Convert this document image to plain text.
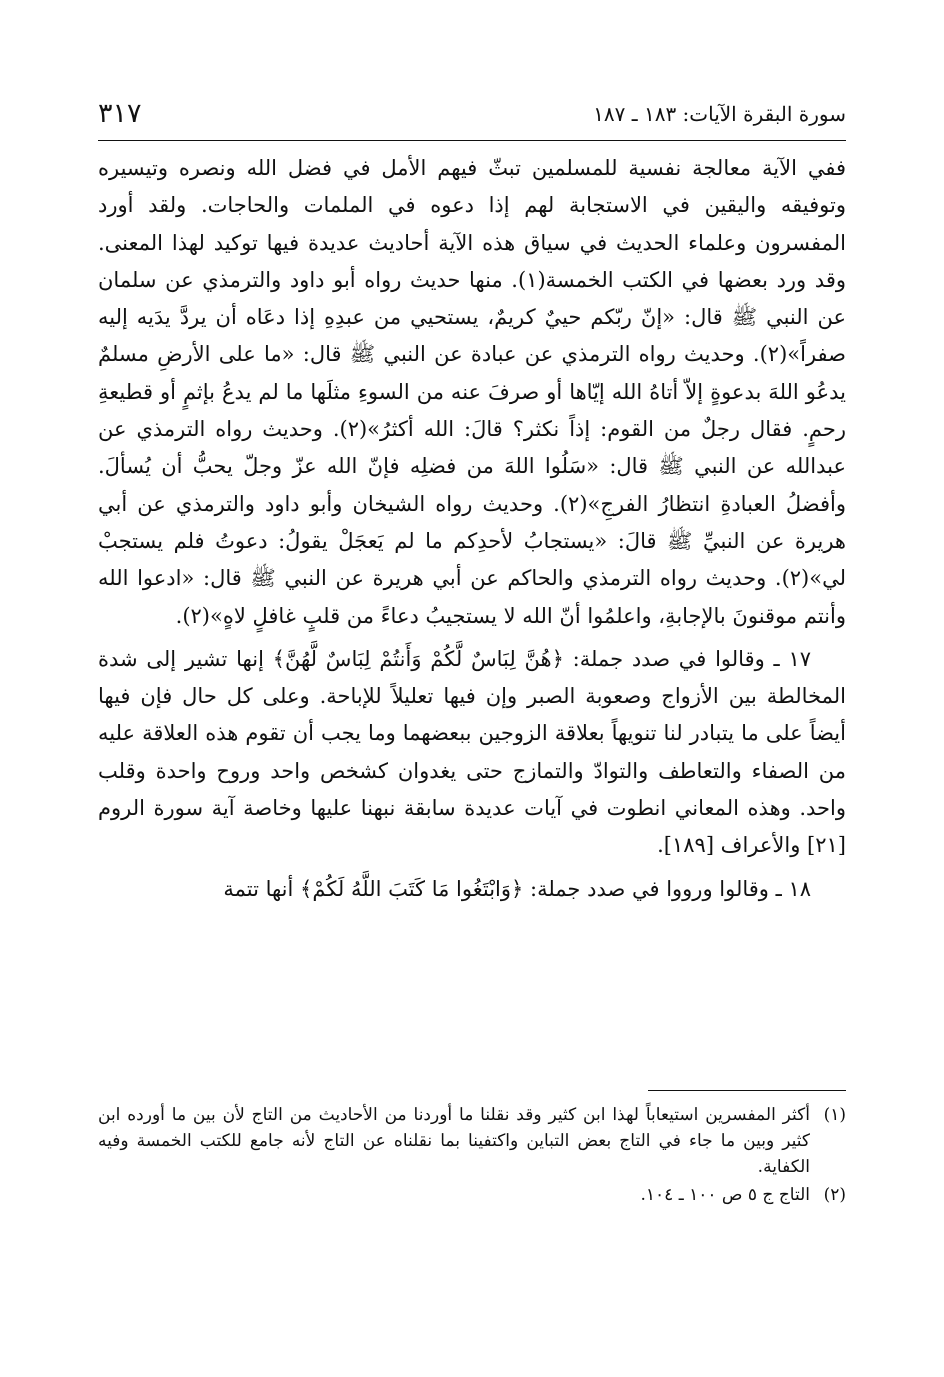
سورة البقرة الآيات: ١٨٣ ـ ١٨٧
٣١٧

ففي الآية معالجة نفسية للمسلمين تبثّ فيهم الأمل في فضل الله ونصره وتيسيره وتوفيقه واليقين في الاستجابة لهم إذا دعوه في الملمات والحاجات. ولقد أورد المفسرون وعلماء الحديث في سياق هذه الآية أحاديث عديدة فيها توكيد لهذا المعنى. وقد ورد بعضها في الكتب الخمسة(١). منها حديث رواه أبو داود والترمذي عن سلمان عن النبي ﷺ قال: «إنّ ربّكم حييٌ كريمٌ، يستحيي من عبدِهِ إذا دعَاه أن يردَّ يدَيه إليه صفراً»(٢). وحديث رواه الترمذي عن عبادة عن النبي ﷺ قال: «ما على الأرضِ مسلمٌ يدعُو اللهَ بدعوةٍ إلاّ أتاهُ الله إيّاها أو صرفَ عنه من السوءِ مثلَها ما لم يدعُ بإثمٍ أو قطيعةِ رحمٍ. فقال رجلٌ من القوم: إذاً نكثر؟ قالَ: الله أكثرُ»(٢). وحديث رواه الترمذي عن عبدالله عن النبي ﷺ قال: «سَلُوا اللهَ من فضلِه فإنّ الله عزّ وجلّ يحبُّ أن يُسألَ. وأفضلُ العبادةِ انتظارُ الفرجِ»(٢). وحديث رواه الشيخان وأبو داود والترمذي عن أبي هريرة عن النبيِّ ﷺ قالَ: «يستجابُ لأحدِكم ما لم يَعجَلْ يقولُ: دعوتُ فلم يستجبْ لي»(٢). وحديث رواه الترمذي والحاكم عن أبي هريرة عن النبي ﷺ قال: «ادعوا الله وأنتم موقنونَ بالإجابةِ، واعلمُوا أنّ الله لا يستجيبُ دعاءً من قلبٍ غافلٍ لاهٍ»(٢).

١٧ ـ وقالوا في صدد جملة: ﴿هُنَّ لِبَاسٌ لَّكُمْ وَأَنتُمْ لِبَاسٌ لَّهُنَّ﴾ إنها تشير إلى شدة المخالطة بين الأزواج وصعوبة الصبر وإن فيها تعليلاً للإباحة. وعلى كل حال فإن فيها أيضاً على ما يتبادر لنا تنويهاً بعلاقة الزوجين ببعضهما وما يجب أن تقوم هذه العلاقة عليه من الصفاء والتعاطف والتوادّ والتمازج حتى يغدوان كشخص واحد وروح واحدة وقلب واحد. وهذه المعاني انطوت في آيات عديدة سابقة نبهنا عليها وخاصة آية سورة الروم [٢١] والأعراف [١٨٩].

١٨ ـ وقالوا ورووا في صدد جملة: ﴿وَابْتَغُوا مَا كَتَبَ اللَّهُ لَكُمْ﴾ أنها تتمة

(١)
أكثر المفسرين استيعاباً لهذا ابن كثير وقد نقلنا ما أوردنا من الأحاديث من التاج لأن بين ما أورده ابن كثير وبين ما جاء في التاج بعض التباين واكتفينا بما نقلناه عن التاج لأنه جامع للكتب الخمسة وفيه الكفاية.

(٢)
التاج ج ٥ ص ١٠٠ ـ ١٠٤.
